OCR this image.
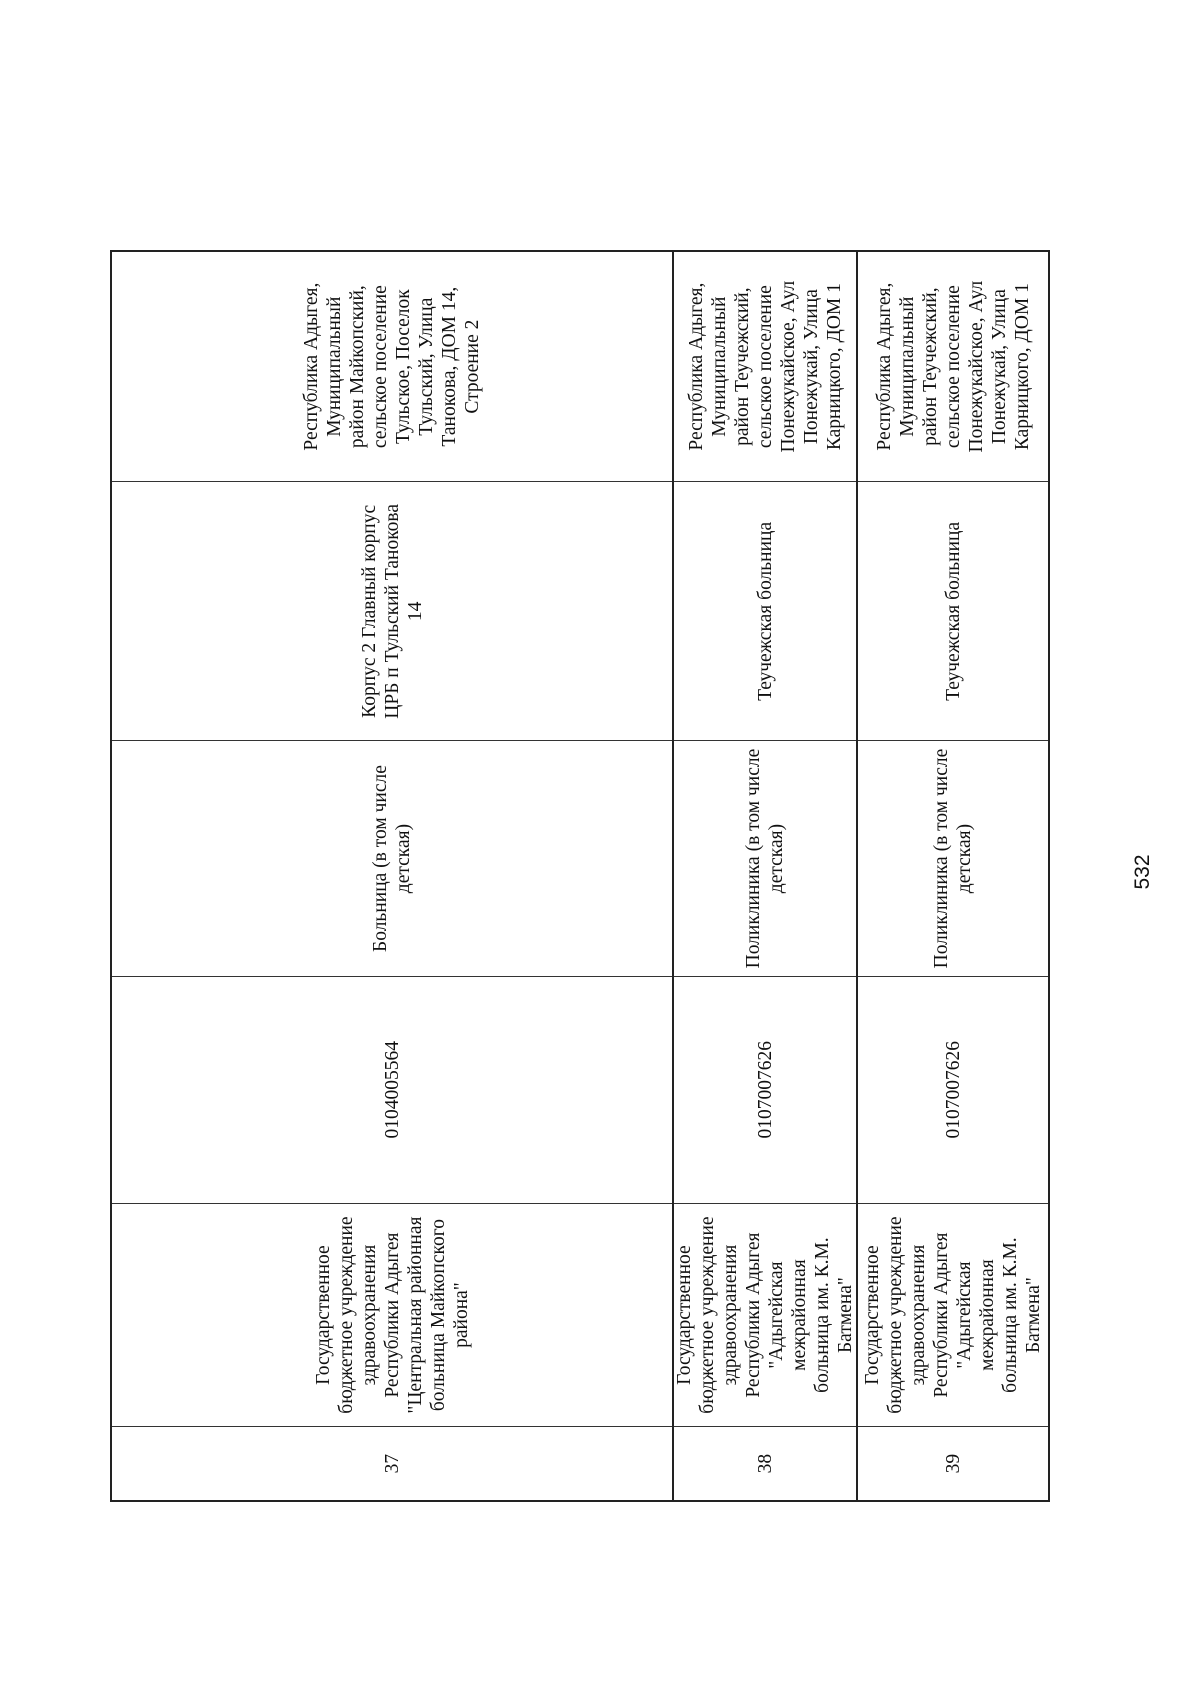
37
Государственное
бюджетное учреждение
здравоохранения
Республики Адыгея
"Центральная районная
больница Майкопского
района"
0104005564
Больница (в том числе
детская)
Корпус 2 Главный корпус
ЦРБ п Тульский Танокова
14
Республика Адыгея,
Муниципальный
район Майкопский,
сельское поселение
Тульское, Поселок
Тульский, Улица
Танокова, ДОМ 14,
Строение 2
38
Государственное
бюджетное учреждение
здравоохранения
Республики Адыгея
"Адыгейская межрайонная
больница им. К.М.
Батмена"
0107007626
Поликлиника (в том числе
детская)
Теучежская больница
Республика Адыгея,
Муниципальный
район Теучежский,
сельское поселение
Понежукайское, Аул
Понежукай, Улица
Карницкого, ДОМ 1
39
Государственное
бюджетное учреждение
здравоохранения
Республики Адыгея
"Адыгейская межрайонная
больница им. К.М.
Батмена"
0107007626
Поликлиника (в том числе
детская)
Теучежская больница
Республика Адыгея,
Муниципальный
район Теучежский,
сельское поселение
Понежукайское, Аул
Понежукай, Улица
Карницкого, ДОМ 1
532
